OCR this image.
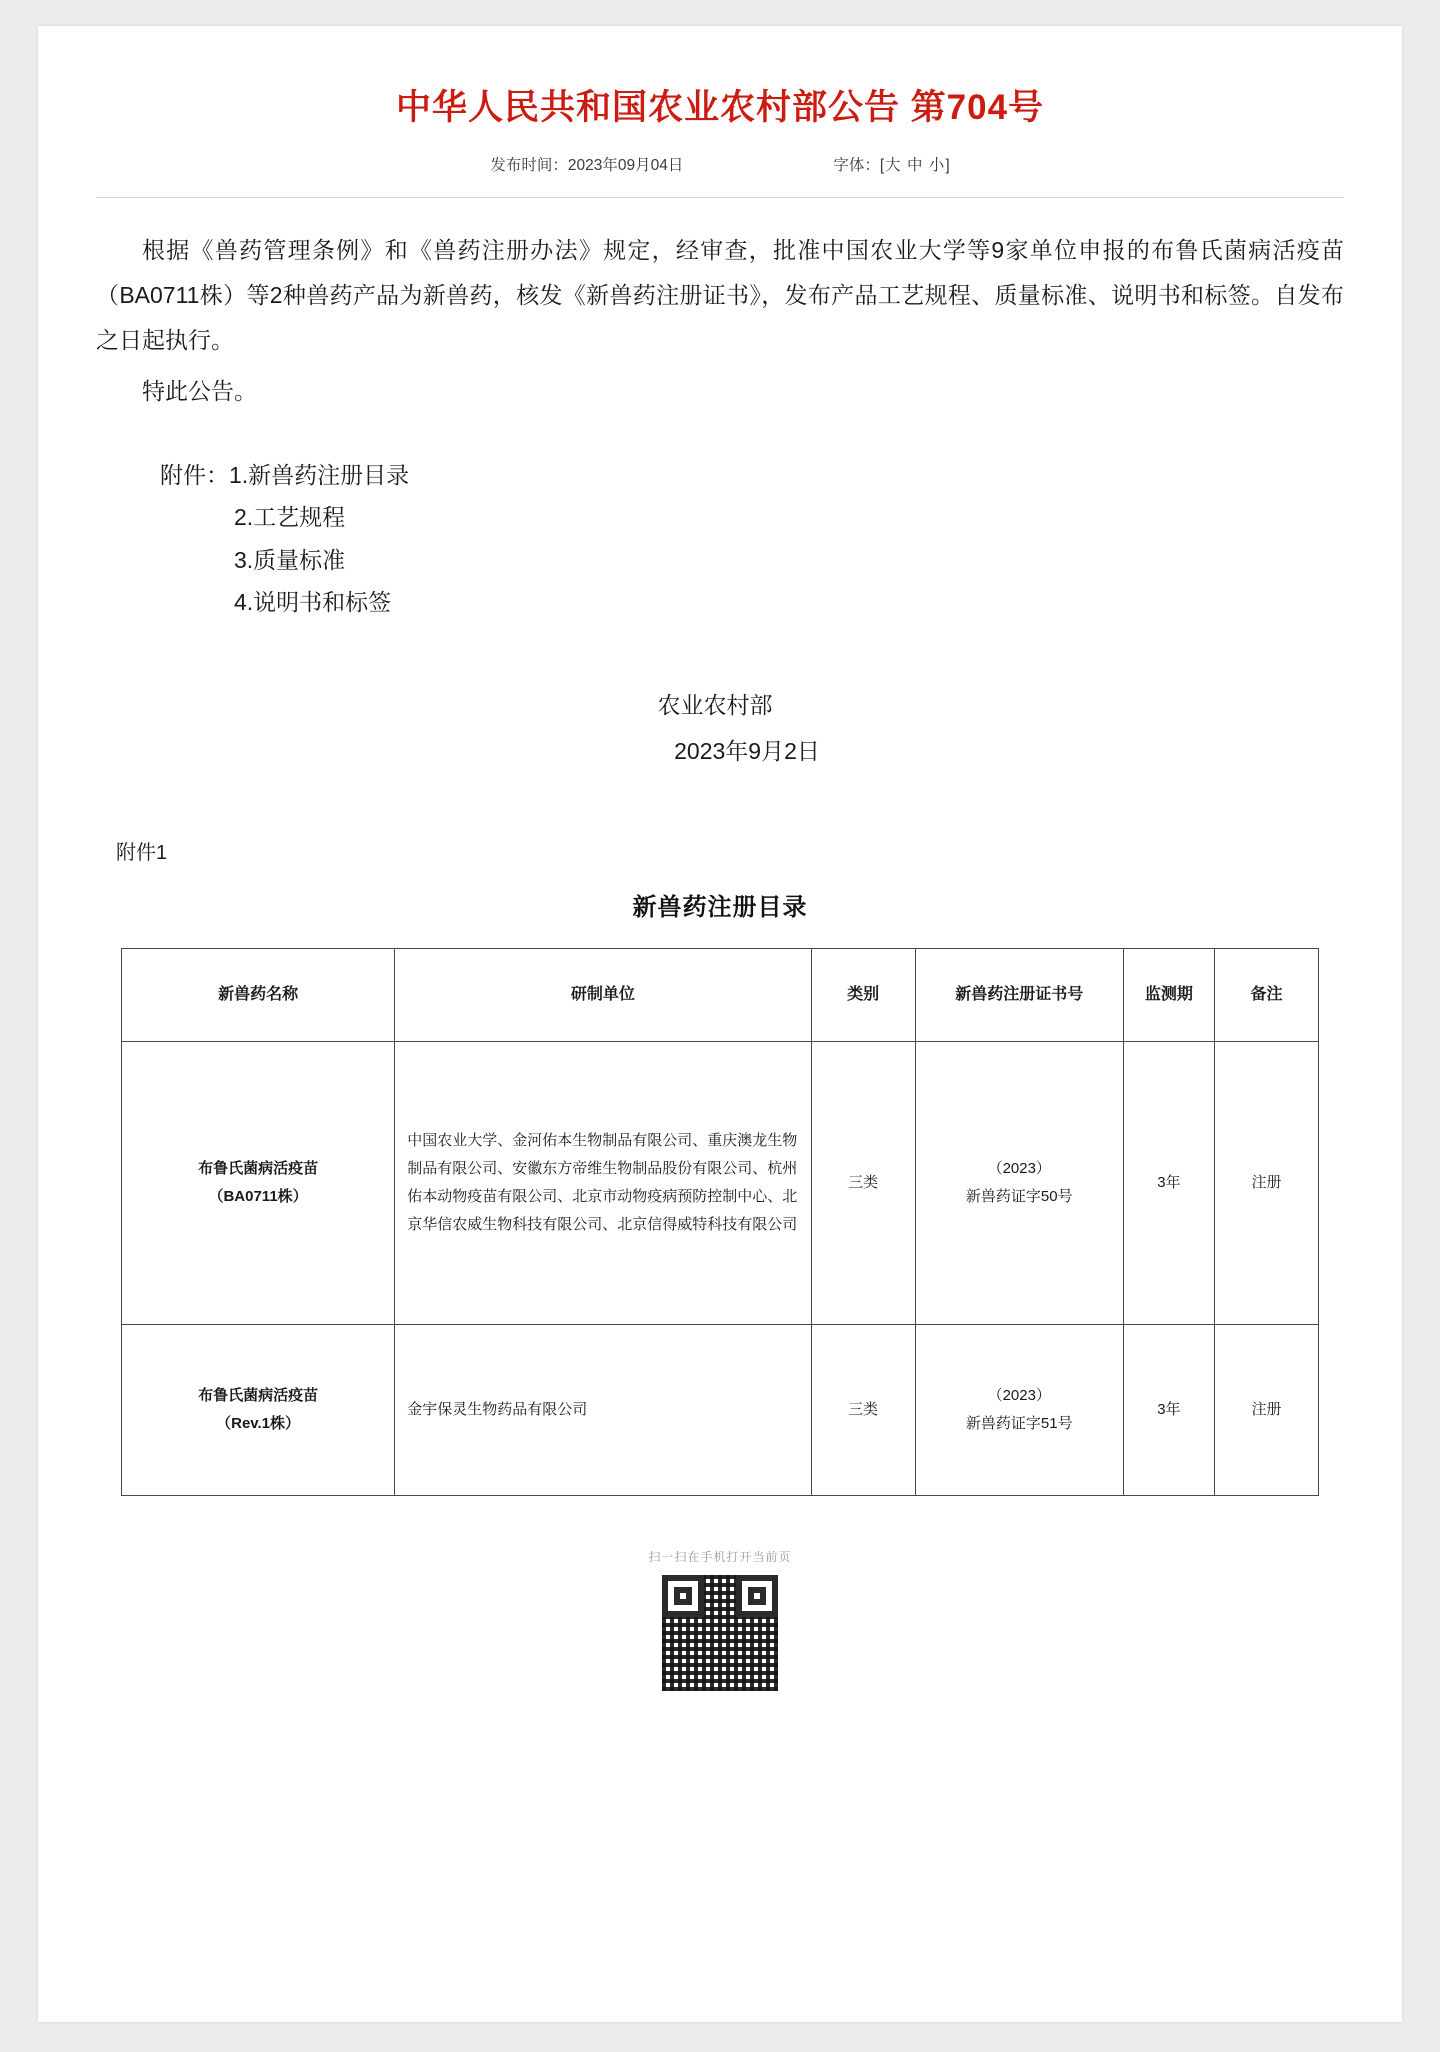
中华人民共和国农业农村部公告 第704号
发布时间：2023年09月04日	字体：[大 中 小]

根据《兽药管理条例》和《兽药注册办法》规定，经审查，批准中国农业大学等9家单位申报的布鲁氏菌病活疫苗（BA0711株）等2种兽药产品为新兽药，核发《新兽药注册证书》，发布产品工艺规程、质量标准、说明书和标签。自发布之日起执行。

特此公告。

附件：1.新兽药注册目录
2.工艺规程
3.质量标准
4.说明书和标签
农业农村部
2023年9月2日
附件1
新兽药注册目录
新兽药名称	研制单位	类别	新兽药注册证书号	监测期	备注

布鲁氏菌病活疫苗
（BA0711株）
	中国农业大学、金河佑本生物制品有限公司、重庆澳龙生物制品有限公司、安徽东方帝维生物制品股份有限公司、杭州佑本动物疫苗有限公司、北京市动物疫病预防控制中心、北京华信农威生物科技有限公司、北京信得威特科技有限公司	三类	
（2023）
新兽药证字50号
	3年	注册

布鲁氏菌病活疫苗
（Rev.1株）
	金宇保灵生物药品有限公司	三类	
（2023）
新兽药证字51号
	3年	注册
扫一扫在手机打开当前页
